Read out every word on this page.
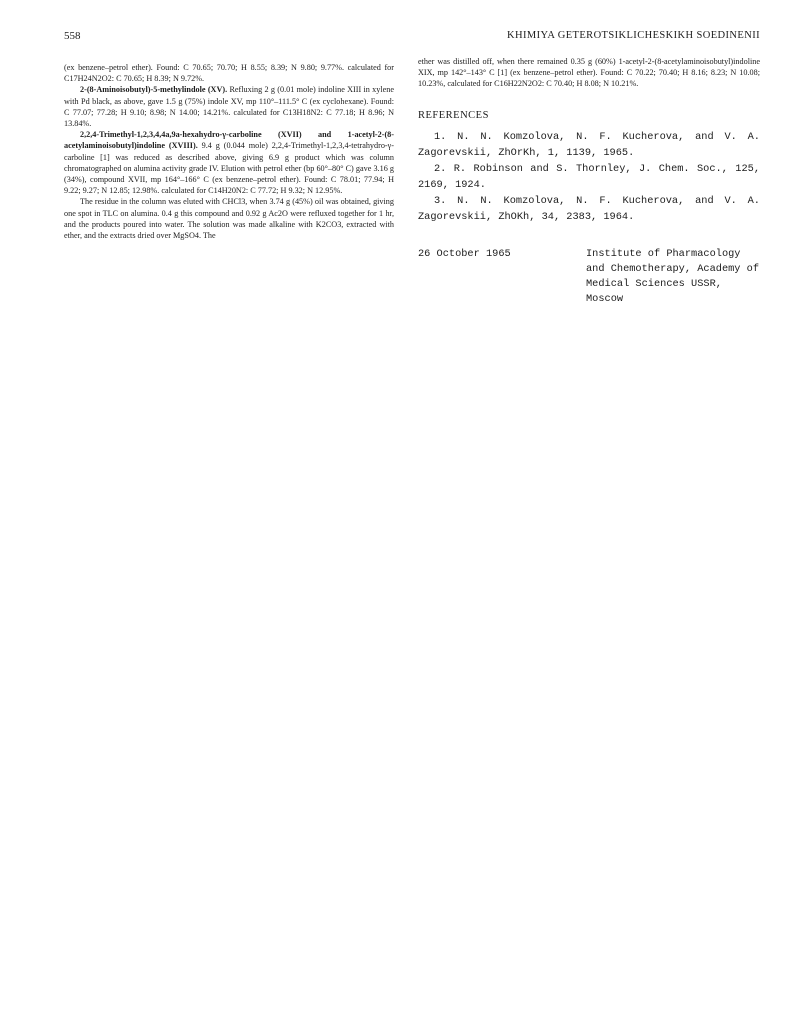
558	KHIMIYA GETEROTSIKLICHESKIKH SOEDINENII

(ex benzene–petrol ether). Found: C 70.65; 70.70; H 8.55; 8.39; N 9.80; 9.77%. calculated for C17H24N2O2: C 70.65; H 8.39; N 9.72%.

2-(8-Aminoisobutyl)-5-methylindole (XV). Refluxing 2 g (0.01 mole) indoline XIII in xylene with Pd black, as above, gave 1.5 g (75%) indole XV, mp 110°–111.5° C (ex cyclohexane). Found: C 77.07; 77.28; H 9.10; 8.98; N 14.00; 14.21%. calculated for C13H18N2: C 77.18; H 8.96; N 13.84%.

2,2,4-Trimethyl-1,2,3,4,4a,9a-hexahydro-γ-carboline (XVII) and 1-acetyl-2-(8-acetylaminoisobutyl)indoline (XVIII). 9.4 g (0.044 mole) 2,2,4-Trimethyl-1,2,3,4-tetrahydro-γ-carboline [1] was reduced as described above, giving 6.9 g product which was column chromatographed on alumina activity grade IV. Elution with petrol ether (bp 60°–80° C) gave 3.16 g (34%), compound XVII, mp 164°–166° C (ex benzene–petrol ether). Found: C 78.01; 77.94; H 9.22; 9.27; N 12.85; 12.98%. calculated for C14H20N2: C 77.72; H 9.32; N 12.95%.

The residue in the column was eluted with CHCl3, when 3.74 g (45%) oil was obtained, giving one spot in TLC on alumina. 0.4 g this compound and 0.92 g Ac2O were refluxed together for 1 hr, and the products poured into water. The solution was made alkaline with K2CO3, extracted with ether, and the extracts dried over MgSO4. The

ether was distilled off, when there remained 0.35 g (60%) 1-acetyl-2-(8-acetylaminoisobutyl)indoline XIX, mp 142°–143° C [1] (ex benzene–petrol ether). Found: C 70.22; 70.40; H 8.16; 8.23; N 10.08; 10.23%, calculated for C16H22N2O2: C 70.40; H 8.08; N 10.21%.

REFERENCES
1. N. N. Komzolova, N. F. Kucherova, and V. A. Zagorevskii, ZhOrKh, 1, 1139, 1965.
2. R. Robinson and S. Thornley, J. Chem. Soc., 125, 2169, 1924.
3. N. N. Komzolova, N. F. Kucherova, and V. A. Zagorevskii, ZhOKh, 34, 2383, 1964.
26 October 1965	Institute of Pharmacology and Chemotherapy, Academy of Medical Sciences USSR, Moscow
